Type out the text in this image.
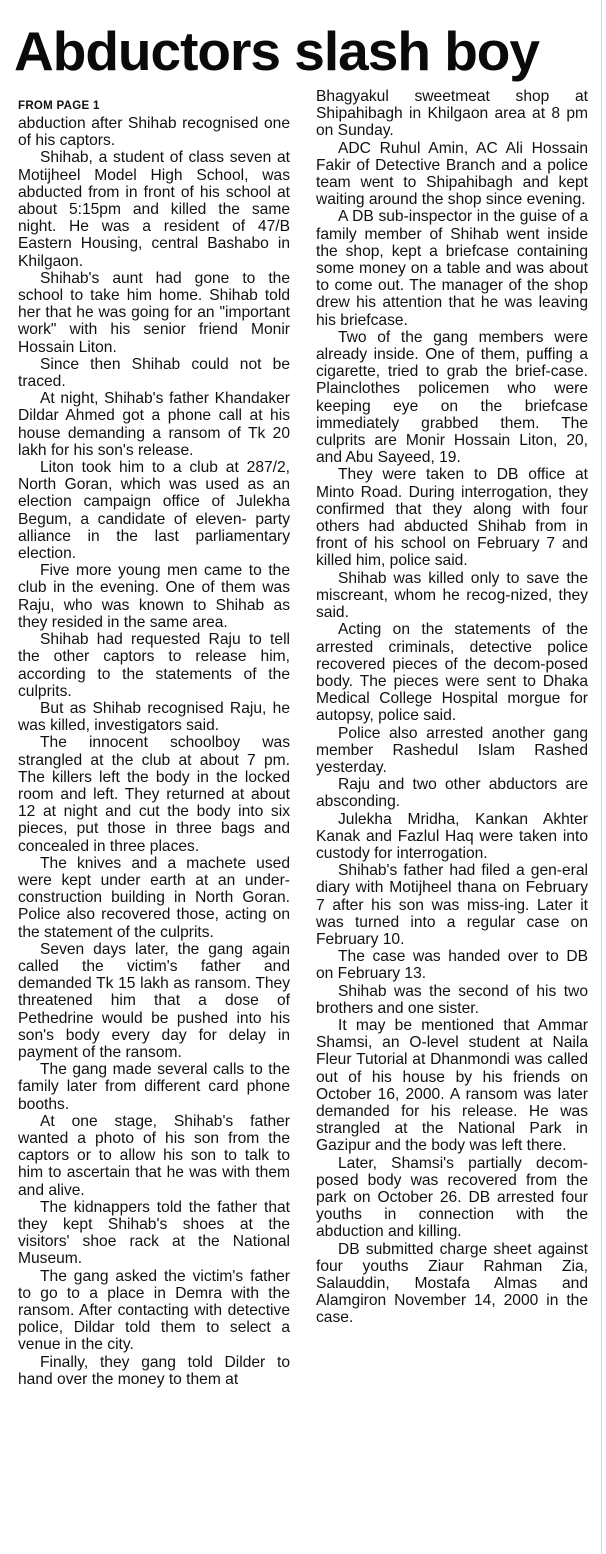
Abductors slash boy

FROM PAGE 1

abduction after Shihab recognised one of his captors.

Shihab, a student of class seven at Motijheel Model High School, was abducted from in front of his school at about 5:15pm and killed the same night. He was a resident of 47/B Eastern Housing, central Bashabo in Khilgaon.

Shihab's aunt had gone to the school to take him home. Shihab told her that he was going for an "important work" with his senior friend Monir Hossain Liton.

Since then Shihab could not be traced.

At night, Shihab's father Khandaker Dildar Ahmed got a phone call at his house demanding a ransom of Tk 20 lakh for his son's release.

Liton took him to a club at 287/2, North Goran, which was used as an election campaign office of Julekha Begum, a candidate of eleven- party alliance in the last parliamentary election.

Five more young men came to the club in the evening. One of them was Raju, who was known to Shihab as they resided in the same area.

Shihab had requested Raju to tell the other captors to release him, according to the statements of the culprits.

But as Shihab recognised Raju, he was killed, investigators said.

The innocent schoolboy was strangled at the club at about 7 pm. The killers left the body in the locked room and left. They returned at about 12 at night and cut the body into six pieces, put those in three bags and concealed in three places.

The knives and a machete used were kept under earth at an under-construction building in North Goran. Police also recovered those, acting on the statement of the culprits.

Seven days later, the gang again called the victim's father and demanded Tk 15 lakh as ransom. They threatened him that a dose of Pethedrine would be pushed into his son's body every day for delay in payment of the ransom.

The gang made several calls to the family later from different card phone booths.

At one stage, Shihab's father wanted a photo of his son from the captors or to allow his son to talk to him to ascertain that he was with them and alive.

The kidnappers told the father that they kept Shihab's shoes at the visitors' shoe rack at the National Museum.

The gang asked the victim's father to go to a place in Demra with the ransom. After contacting with detective police, Dildar told them to select a venue in the city.

Finally, they gang told Dilder to hand over the money to them at

Bhagyakul sweetmeat shop at Shipahibagh in Khilgaon area at 8 pm on Sunday.

ADC Ruhul Amin, AC Ali Hossain Fakir of Detective Branch and a police team went to Shipahibagh and kept waiting around the shop since evening.

A DB sub-inspector in the guise of a family member of Shihab went inside the shop, kept a briefcase containing some money on a table and was about to come out. The manager of the shop drew his attention that he was leaving his briefcase.

Two of the gang members were already inside. One of them, puffing a cigarette, tried to grab the brief-case. Plainclothes policemen who were keeping eye on the briefcase immediately grabbed them. The culprits are Monir Hossain Liton, 20, and Abu Sayeed, 19.

They were taken to DB office at Minto Road. During interrogation, they confirmed that they along with four others had abducted Shihab from in front of his school on February 7 and killed him, police said.

Shihab was killed only to save the miscreant, whom he recog-nized, they said.

Acting on the statements of the arrested criminals, detective police recovered pieces of the decom-posed body. The pieces were sent to Dhaka Medical College Hospital morgue for autopsy, police said.

Police also arrested another gang member Rashedul Islam Rashed yesterday.

Raju and two other abductors are absconding.

Julekha Mridha, Kankan Akhter Kanak and Fazlul Haq were taken into custody for interrogation.

Shihab's father had filed a gen-eral diary with Motijheel thana on February 7 after his son was miss-ing. Later it was turned into a regular case on February 10.

The case was handed over to DB on February 13.

Shihab was the second of his two brothers and one sister.

It may be mentioned that Ammar Shamsi, an O-level student at Naila Fleur Tutorial at Dhanmondi was called out of his house by his friends on October 16, 2000. A ransom was later demanded for his release. He was strangled at the National Park in Gazipur and the body was left there.

Later, Shamsi's partially decom-posed body was recovered from the park on October 26. DB arrested four youths in connection with the abduction and killing.

DB submitted charge sheet against four youths Ziaur Rahman Zia, Salauddin, Mostafa Almas and Alamgiron November 14, 2000 in the case.
